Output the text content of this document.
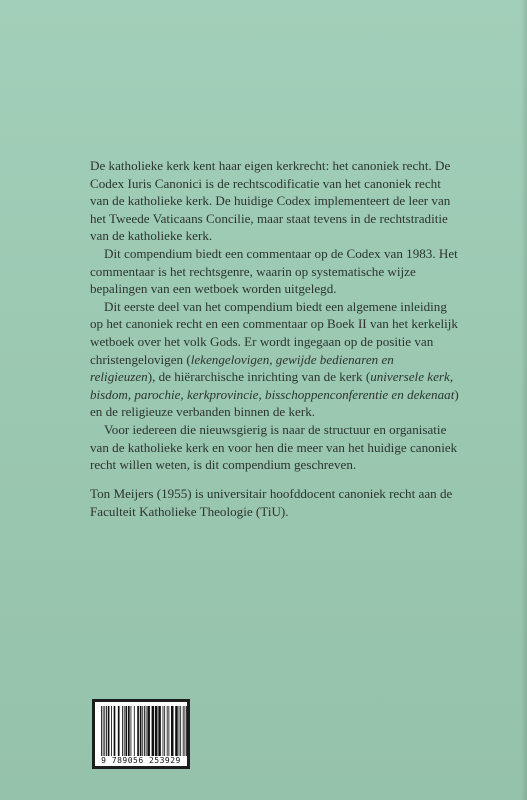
De katholieke kerk kent haar eigen kerkrecht: het canoniek recht. De Codex Iuris Canonici is de rechtscodificatie van het canoniek recht van de katholieke kerk. De huidige Codex implementeert de leer van het Tweede Vaticaans Concilie, maar staat tevens in de rechtstraditie van de katholieke kerk.

Dit compendium biedt een commentaar op de Codex van 1983. Het commentaar is het rechtsgenre, waarin op systematische wijze bepalingen van een wetboek worden uitgelegd.

Dit eerste deel van het compendium biedt een algemene inleiding op het canoniek recht en een commentaar op Boek II van het kerkelijk wetboek over het volk Gods. Er wordt ingegaan op de positie van christengelovigen (lekengelovigen, gewijde bedienaren en religieuzen), de hiërarchische inrichting van de kerk (universele kerk, bisdom, parochie, kerkprovincie, bisschoppenconferentie en dekenaat) en de religieuze verbanden binnen de kerk.

Voor iedereen die nieuwsgierig is naar de structuur en organisatie van de katholieke kerk en voor hen die meer van het huidige canoniek recht willen weten, is dit compendium geschreven.

Ton Meijers (1955) is universitair hoofddocent canoniek recht aan de Faculteit Katholieke Theologie (TiU).
9 789056 253929
